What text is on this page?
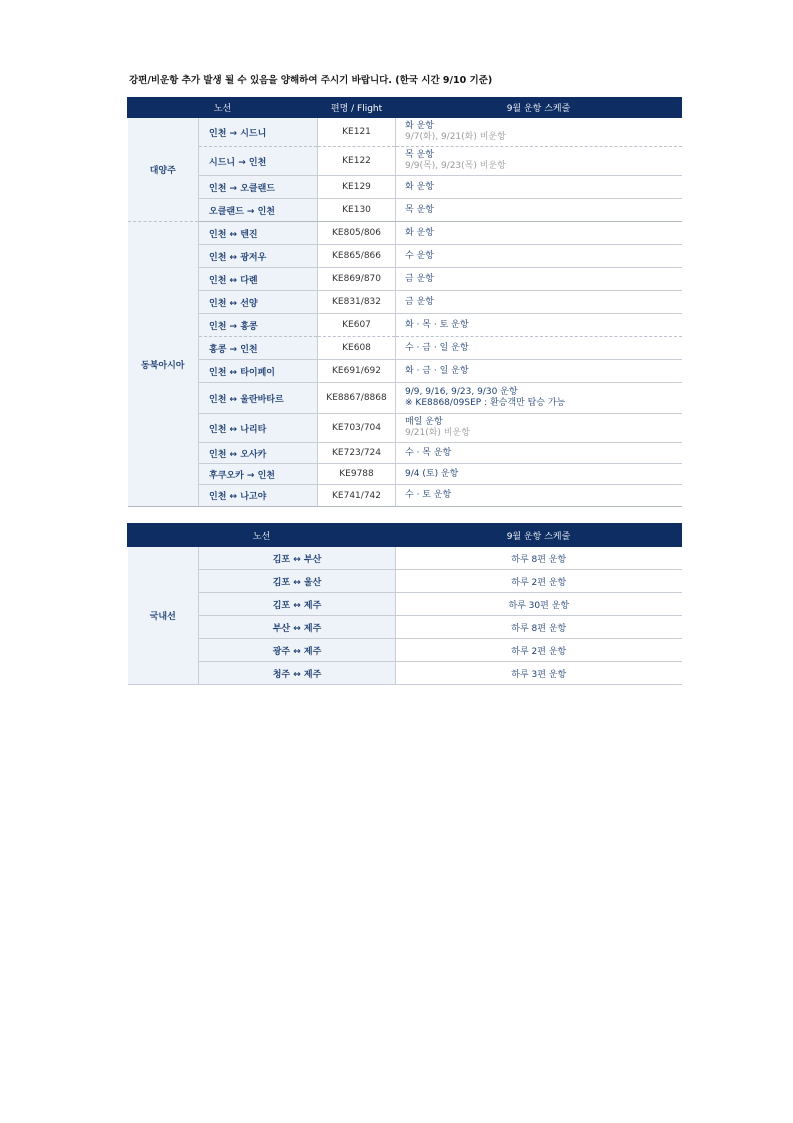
강편/비운항 추가 발생 될 수 있음을 양해하여 주시기 바랍니다. (한국 시간 9/10 기준)
노선		편명 / Flight	9월 운항 스케줄
대양주	인천 → 시드니	KE121	화 운항
9/7(화), 9/21(화) 비운항

	시드니 → 인천	KE122	목 운항
9/9(목), 9/23(목) 비운항

	인천 → 오클랜드	KE129	화 운항
	오클랜드 → 인천	KE130	목 운항
동북아시아	인천 ↔ 텐진	KE805/806	화 운항
	인천 ↔ 광저우	KE865/866	수 운항
	인천 ↔ 다롄	KE869/870	금 운항
	인천 ↔ 선양	KE831/832	금 운항
	인천 → 홍콩	KE607	화 · 목 · 토 운항
	홍콩 → 인천	KE608	수 · 금 · 일 운항
	인천 ↔ 타이페이	KE691/692	화 · 금 · 일 운항
	인천 ↔ 울란바타르	KE8867/8868	9/9, 9/16, 9/23, 9/30 운항
※ KE8868/09SEP : 환승객만 탑승 가능

	인천 ↔ 나리타	KE703/704	매일 운항
9/21(화) 비운항

	인천 ↔ 오사카	KE723/724	수 · 목 운항
	후쿠오카 → 인천	KE9788	9/4 (토) 운항
	인천 ↔ 나고야	KE741/742	수 · 토 운항
노선		9월 운항 스케줄
국내선	김포 ↔ 부산	하루 8편 운항
	김포 ↔ 울산	하루 2편 운항
	김포 ↔ 제주	하루 30편 운항
	부산 ↔ 제주	하루 8편 운항
	광주 ↔ 제주	하루 2편 운항
	청주 ↔ 제주	하루 3편 운항
